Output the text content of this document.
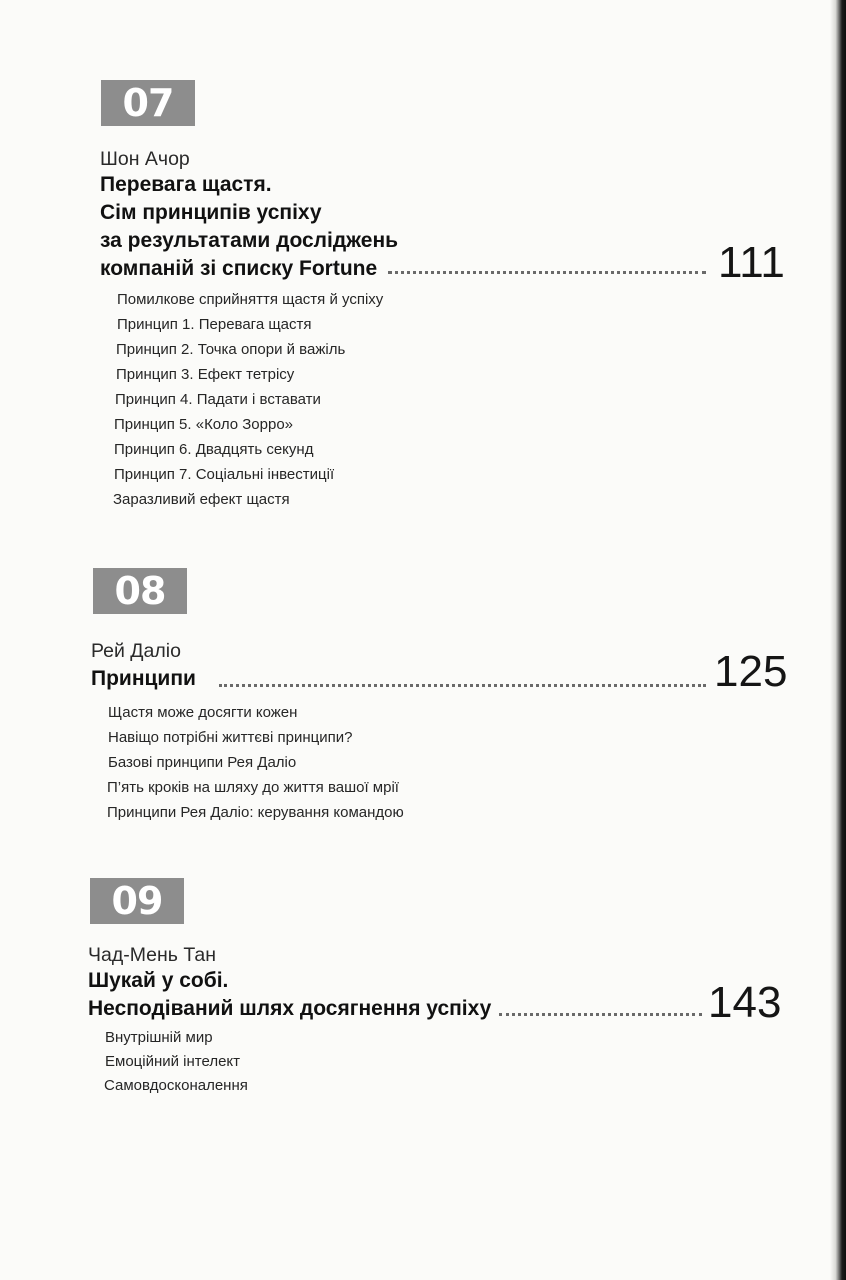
07
Шон Ачор
Перевага щастя.
Сім принципів успіху
за результатами досліджень
компаній зі списку Fortune	111
Помилкове сприйняття щастя й успіху
Принцип 1. Перевага щастя
Принцип 2. Точка опори й важіль
Принцип 3. Ефект тетрісу
Принцип 4. Падати і вставати
Принцип 5. «Коло Зорро»
Принцип 6. Двадцять секунд
Принцип 7. Соціальні інвестиції
Заразливий ефект щастя
08
Рей Даліо
Принципи	125
Щастя може досягти кожен
Навіщо потрібні життєві принципи?
Базові принципи Рея Даліо
П’ять кроків на шляху до життя вашої мрії
Принципи Рея Даліо: керування командою
09
Чад-Мень Тан
Шукай у собі.
Несподіваний шлях досягнення успіху	143
Внутрішній мир
Емоційний інтелект
Самовдосконалення
